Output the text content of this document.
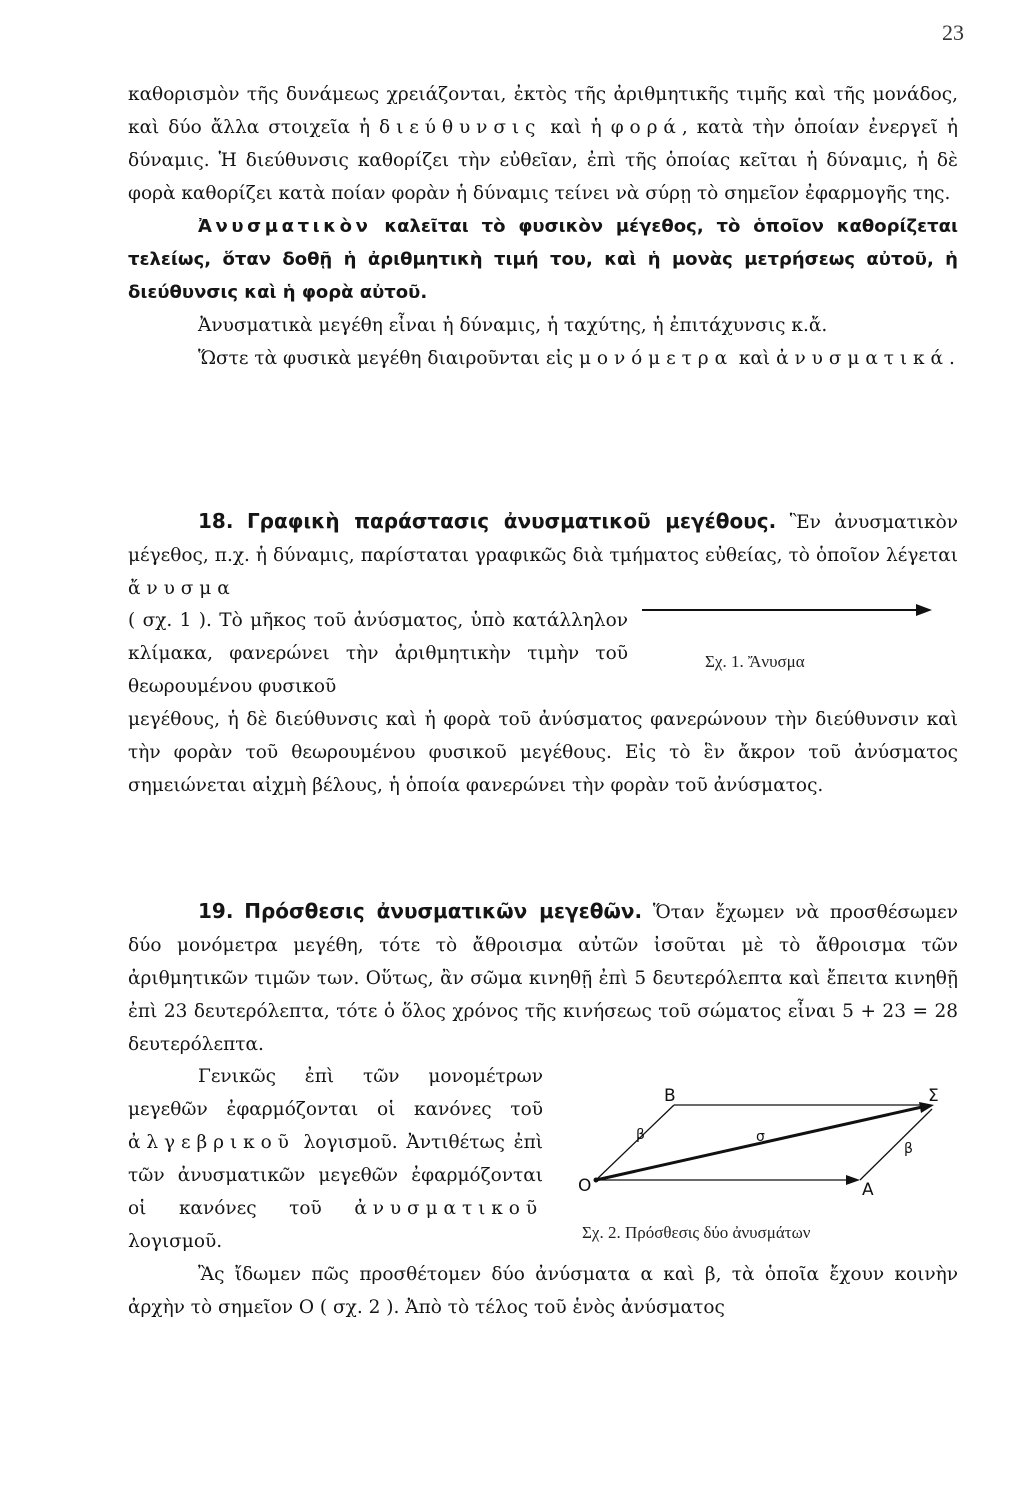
23

καθορισμὸν τῆς δυνάμεως χρειάζονται, ἐκτὸς τῆς ἀριθμητικῆς τιμῆς καὶ τῆς μονάδος, καὶ δύο ἄλλα στοιχεῖα ἡ διεύθυνσις καὶ ἡ φορά, κατὰ τὴν ὁποίαν ἐνεργεῖ ἡ δύναμις. Ἡ διεύθυνσις καθορίζει τὴν εὐθεῖαν, ἐπὶ τῆς ὁποίας κεῖται ἡ δύναμις, ἡ δὲ φορὰ καθορίζει κατὰ ποίαν φορὰν ἡ δύναμις τείνει νὰ σύρῃ τὸ σημεῖον ἐφαρμογῆς της.

Ἀνυσματικὸν καλεῖται τὸ φυσικὸν μέγεθος, τὸ ὁποῖον καθορίζεται τελείως, ὅταν δοθῇ ἡ ἀριθμητικὴ τιμή του, καὶ ἡ μονὰς μετρήσεως αὐτοῦ, ἡ διεύθυνσις καὶ ἡ φορὰ αὐτοῦ.

Ἀνυσματικὰ μεγέθη εἶναι ἡ δύναμις, ἡ ταχύτης, ἡ ἐπιτάχυνσις κ.ἄ.

Ὥστε τὰ φυσικὰ μεγέθη διαιροῦνται εἰς μονόμετρα καὶ ἀνυσματικά.

18. Γραφικὴ παράστασις ἀνυσματικοῦ μεγέθους. Ἓν ἀνυσματικὸν μέγεθος, π.χ. ἡ δύναμις, παρίσταται γραφικῶς διὰ τμήματος εὐθείας, τὸ ὁποῖον λέγεται ἄνυσμα

( σχ. 1 ). Τὸ μῆκος τοῦ ἀνύσματος, ὑπὸ κατάλληλον κλίμακα, φανερώνει τὴν ἀριθμητικὴν τιμὴν τοῦ θεωρουμένου φυσικοῦ

μεγέθους, ἡ δὲ διεύθυνσις καὶ ἡ φορὰ τοῦ ἀνύσματος φανερώνουν τὴν διεύθυνσιν καὶ τὴν φορὰν τοῦ θεωρουμένου φυσικοῦ μεγέθους. Εἰς τὸ ἓν ἄκρον τοῦ ἀνύσματος σημειώνεται αἰχμὴ βέλους, ἡ ὁποία φανερώνει τὴν φορὰν τοῦ ἀνύσματος.

Σχ. 1. Ἄνυσμα

19. Πρόσθεσις ἀνυσματικῶν μεγεθῶν. Ὅταν ἔχωμεν νὰ προσθέσωμεν δύο μονόμετρα μεγέθη, τότε τὸ ἄθροισμα αὐτῶν ἰσοῦται μὲ τὸ ἄθροισμα τῶν ἀριθμητικῶν τιμῶν των. Οὕτως, ἂν σῶμα κινηθῇ ἐπὶ 5 δευτερόλεπτα καὶ ἔπειτα κινηθῇ ἐπὶ 23 δευτερόλεπτα, τότε ὁ ὅλος χρόνος τῆς κινήσεως τοῦ σώματος εἶναι 5 + 23 = 28 δευτερόλεπτα.

Γενικῶς ἐπὶ τῶν μονομέτρων μεγεθῶν ἐφαρμόζονται οἱ κανόνες τοῦ ἀλγεβρικοῦ λογισμοῦ. Ἀντιθέτως ἐπὶ τῶν ἀνυσματικῶν μεγεθῶν ἐφαρμόζονται οἱ κανόνες τοῦ ἀνυσματικοῦ λογισμοῦ.

Ἂς ἴδωμεν πῶς προσθέτομεν δύο ἀνύσματα α καὶ β, τὰ ὁποῖα ἔχουν κοινὴν ἀρχὴν τὸ σημεῖον Ο ( σχ. 2 ). Ἀπὸ τὸ τέλος τοῦ ἑνὸς ἀνύσματος

O	A
B	Σ
β
β
σ
Σχ. 2. Πρόσθεσις δύο ἀνυσμάτων
